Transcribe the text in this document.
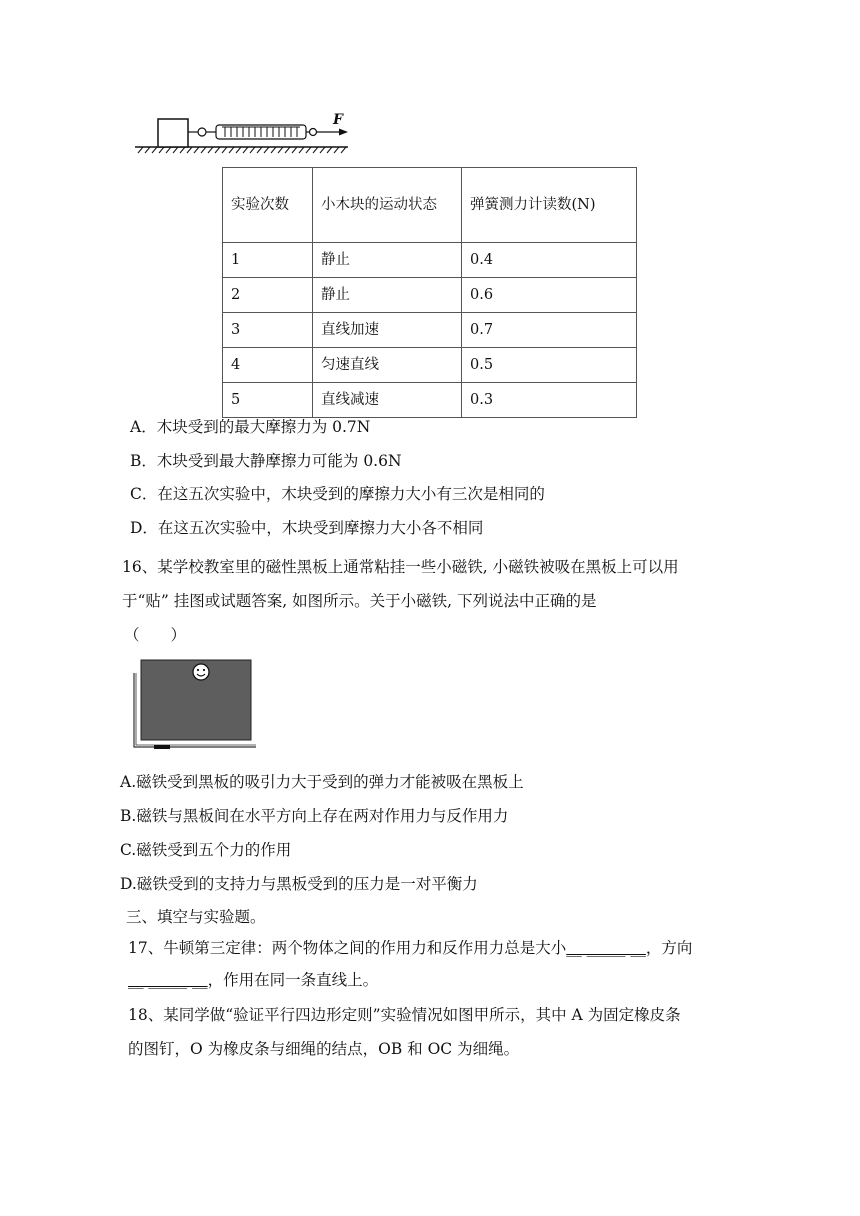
F
实验次数	小木块的运动状态	弹簧测力计读数(N)
1	静止	0.4
2	静止	0.6
3	直线加速	0.7
4	匀速直线	0.5
5	直线减速	0.3
A．木块受到的最大摩擦力为 0.7N
B．木块受到最大静摩擦力可能为 0.6N
C．在这五次实验中，木块受到的摩擦力大小有三次是相同的
D．在这五次实验中，木块受到摩擦力大小各不相同
16、某学校教室里的磁性黑板上通常粘挂一些小磁铁, 小磁铁被吸在黑板上可以用
于“贴” 挂图或试题答案, 如图所示。关于小磁铁, 下列说法中正确的是
（　　）
A.磁铁受到黑板的吸引力大于受到的弹力才能被吸在黑板上
B.磁铁与黑板间在水平方向上存在两对作用力与反作用力
C.磁铁受到五个力的作用
D.磁铁受到的支持力与黑板受到的压力是一对平衡力
三、填空与实验题。
17、牛顿第三定律：两个物体之间的作用力和反作用力总是大小__ _____ __，方向
__ _____ __，作用在同一条直线上。
18、某同学做“验证平行四边形定则”实验情况如图甲所示，其中 A 为固定橡皮条
的图钉，O 为橡皮条与细绳的结点，OB 和 OC 为细绳。
